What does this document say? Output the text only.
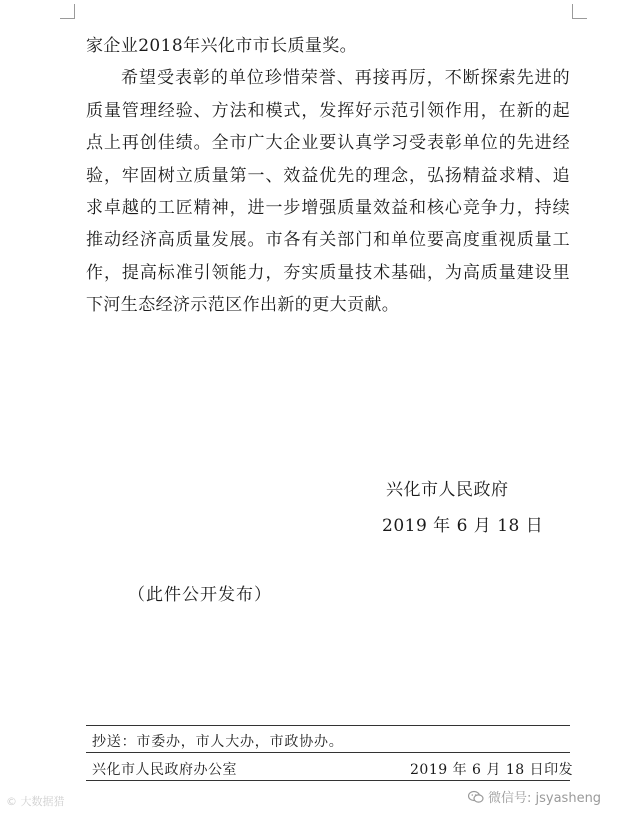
家企业2018年兴化市市长质量奖。

希望受表彰的单位珍惜荣誉、再接再厉，不断探索先进的质量管理经验、方法和模式，发挥好示范引领作用，在新的起点上再创佳绩。全市广大企业要认真学习受表彰单位的先进经验，牢固树立质量第一、效益优先的理念，弘扬精益求精、追求卓越的工匠精神，进一步增强质量效益和核心竞争力，持续推动经济高质量发展。市各有关部门和单位要高度重视质量工作，提高标准引领能力，夯实质量技术基础，为高质量建设里下河生态经济示范区作出新的更大贡献。

兴化市人民政府
2019 年 6 月 18 日
（此件公开发布）
抄送：市委办，市人大办，市政协办。
兴化市人民政府办公室	2019 年 6 月 18 日印发
© 大数据猎	微信号: jsyasheng
